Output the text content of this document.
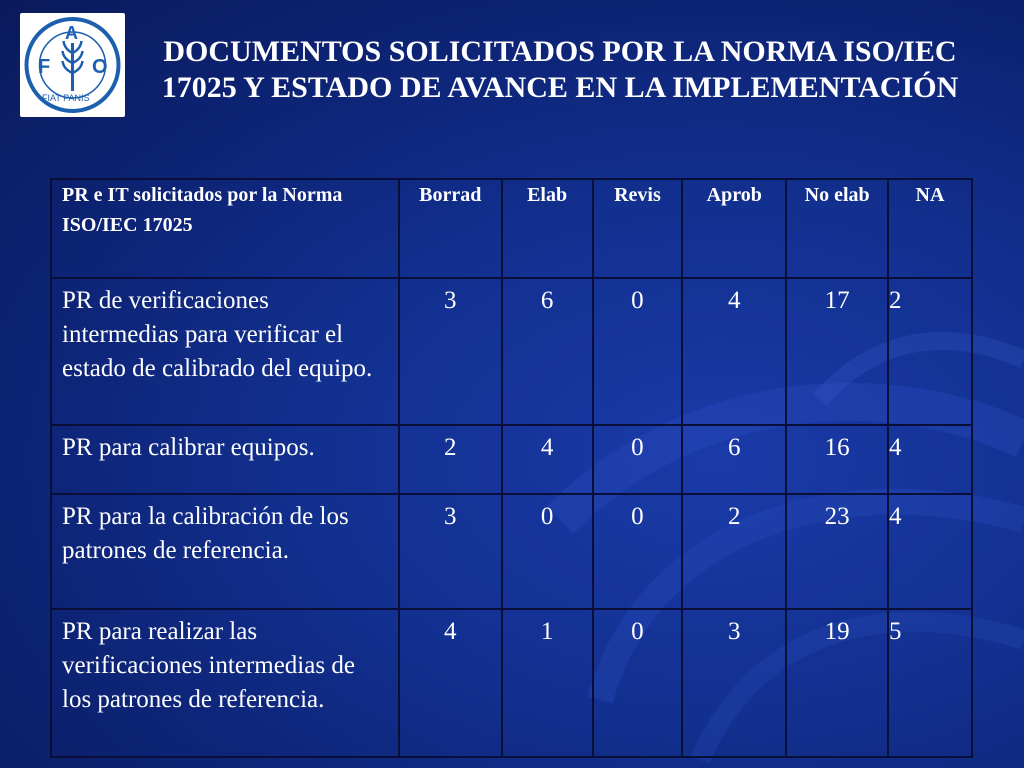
F
A
O
FIAT PANIS
DOCUMENTOS SOLICITADOS POR LA NORMA ISO/IEC 17025 Y ESTADO DE AVANCE EN LA IMPLEMENTACIÓN
PR e IT solicitados por la Norma ISO/IEC 17025	Borrad	Elab	Revis	Aprob	No elab	NA
PR de verificaciones intermedias para verificar el estado de calibrado del equipo.	3	6	0	4	17	2
PR para calibrar equipos.	2	4	0	6	16	4
PR para la calibración de los patrones de referencia.	3	0	0	2	23	4
PR para realizar las verificaciones intermedias de los patrones de referencia.	4	1	0	3	19	5
